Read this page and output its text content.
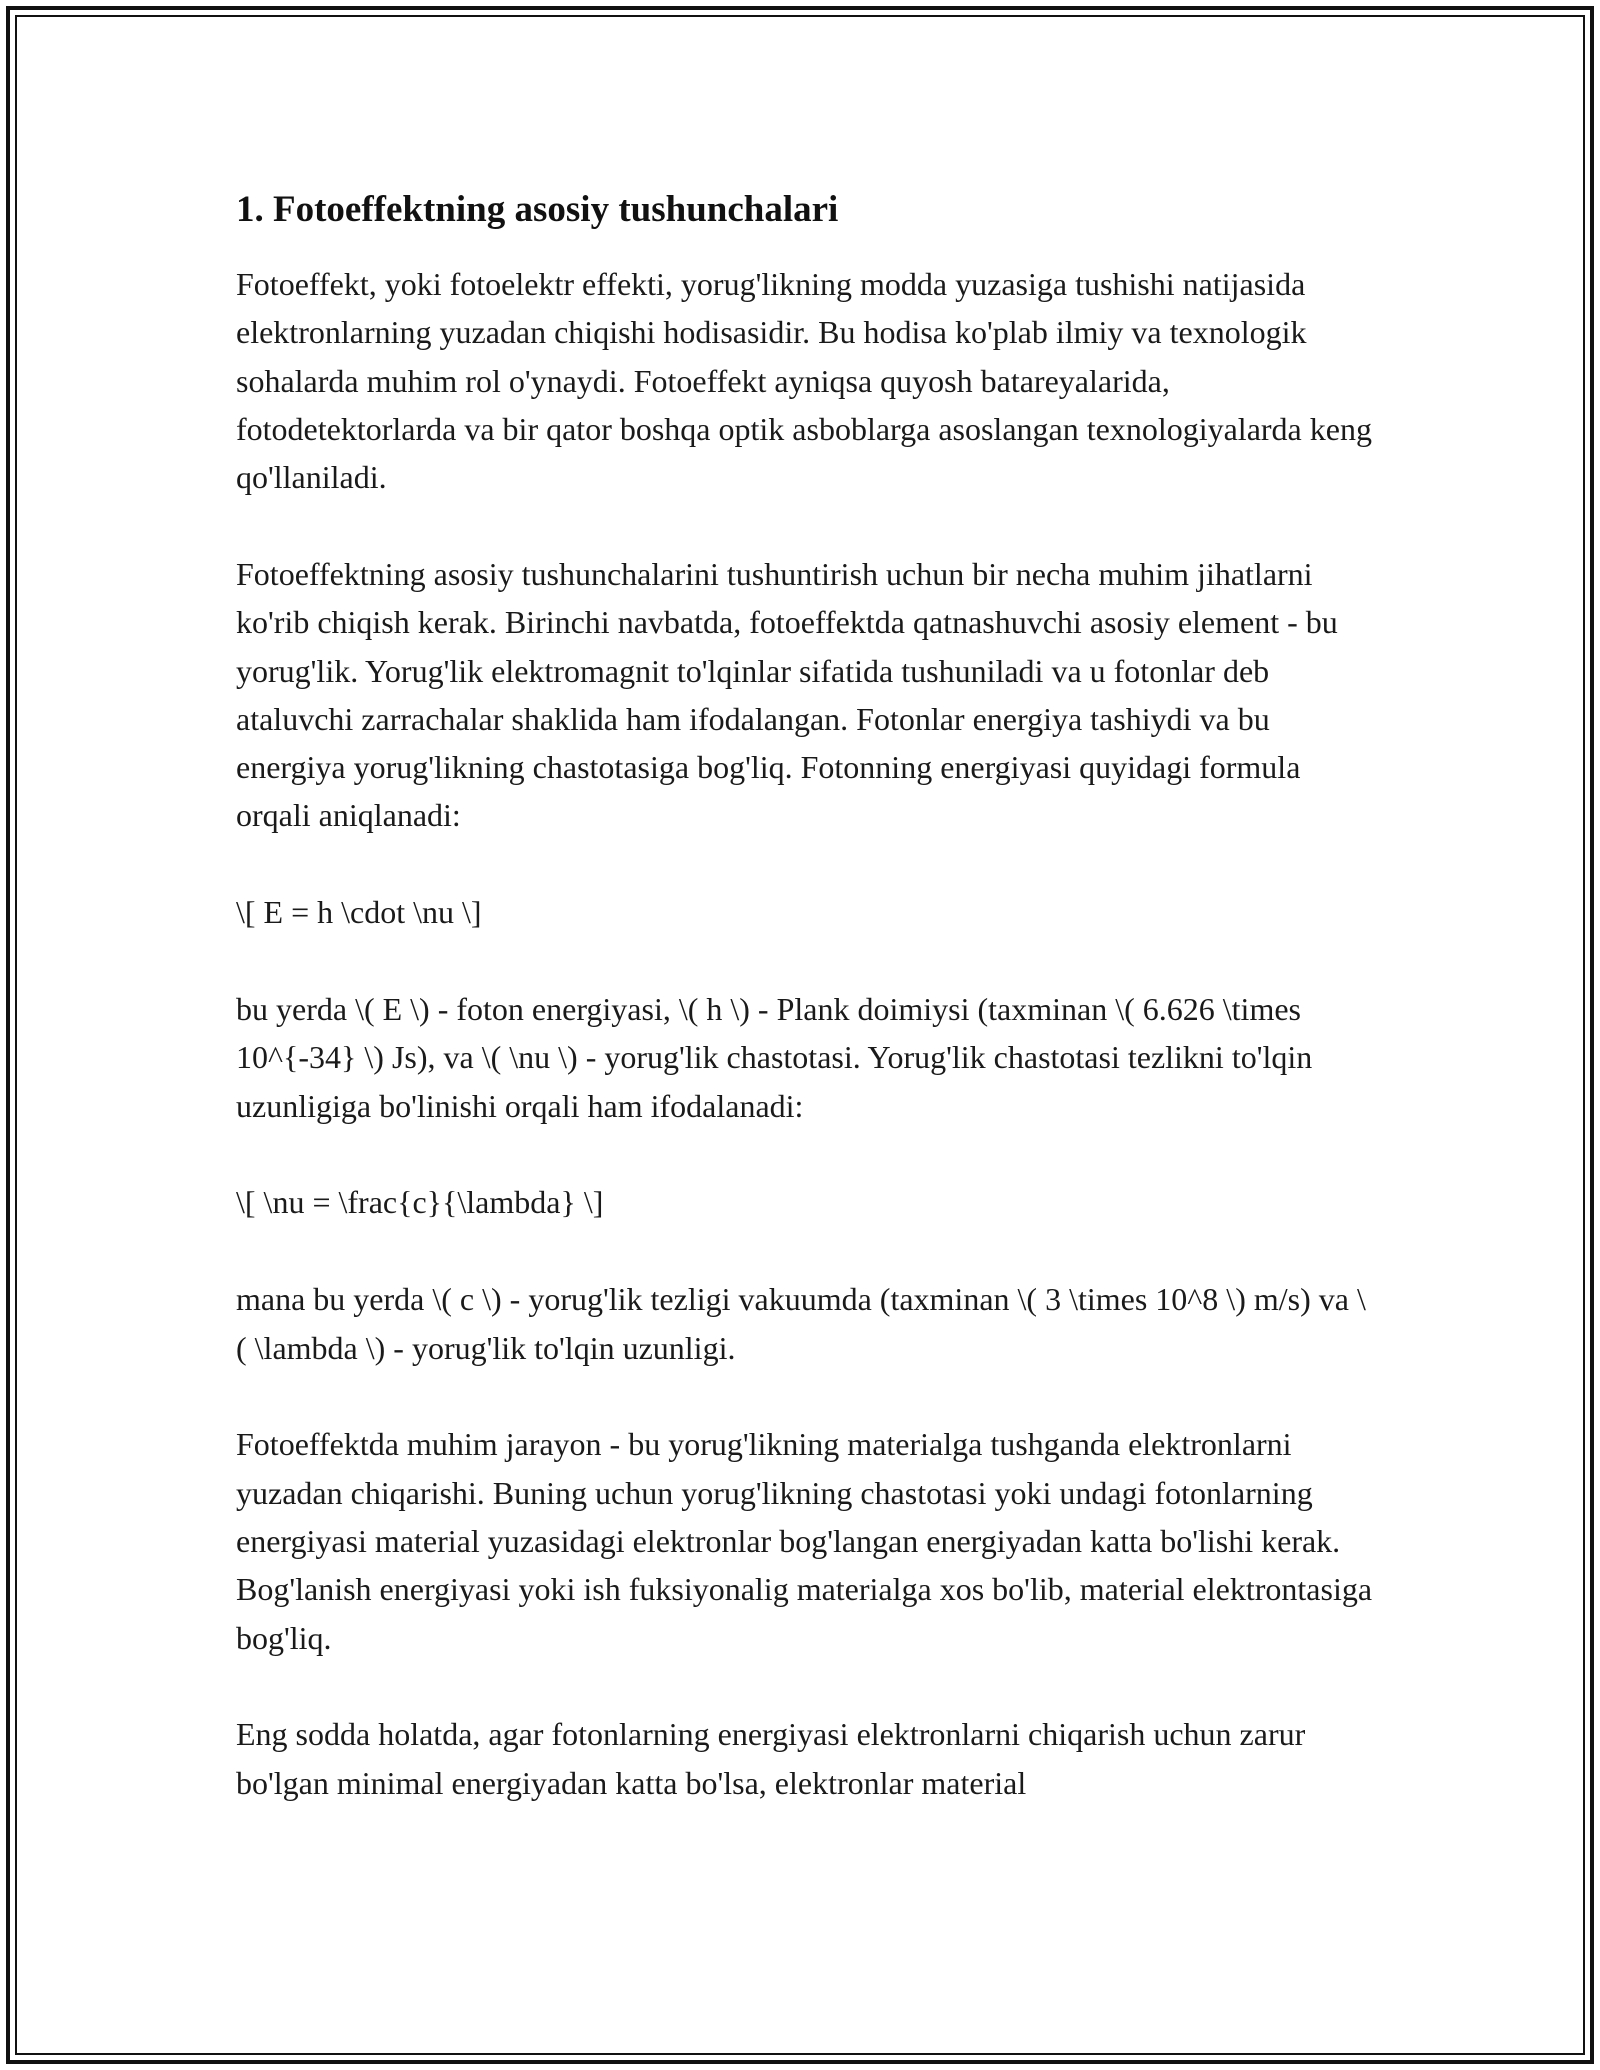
1. Fotoeffektning asosiy tushunchalari

Fotoeffekt, yoki fotoelektr effekti, yorug'likning modda yuzasiga tushishi natijasida elektronlarning yuzadan chiqishi hodisasidir. Bu hodisa ko'plab ilmiy va texnologik sohalarda muhim rol o'ynaydi. Fotoeffekt ayniqsa quyosh batareyalarida, fotodetektorlarda va bir qator boshqa optik asboblarga asoslangan texnologiyalarda keng qo'llaniladi.

Fotoeffektning asosiy tushunchalarini tushuntirish uchun bir necha muhim jihatlarni ko'rib chiqish kerak. Birinchi navbatda, fotoeffektda qatnashuvchi asosiy element - bu yorug'lik. Yorug'lik elektromagnit to'lqinlar sifatida tushuniladi va u fotonlar deb ataluvchi zarrachalar shaklida ham ifodalangan. Fotonlar energiya tashiydi va bu energiya yorug'likning chastotasiga bog'liq. Fotonning energiyasi quyidagi formula orqali aniqlanadi:

\[ E = h \cdot \nu \]

bu yerda \( E \) - foton energiyasi, \( h \) - Plank doimiysi (taxminan \( 6.626 \times 10^{-34} \) Js), va \( \nu \) - yorug'lik chastotasi. Yorug'lik chastotasi tezlikni to'lqin uzunligiga bo'linishi orqali ham ifodalanadi:

\[ \nu = \frac{c}{\lambda} \]

mana bu yerda \( c \) - yorug'lik tezligi vakuumda (taxminan \( 3 \times 10^8 \) m/s) va \( \lambda \) - yorug'lik to'lqin uzunligi.

Fotoeffektda muhim jarayon - bu yorug'likning materialga tushganda elektronlarni yuzadan chiqarishi. Buning uchun yorug'likning chastotasi yoki undagi fotonlarning energiyasi material yuzasidagi elektronlar bog'langan energiyadan katta bo'lishi kerak. Bog'lanish energiyasi yoki ish fuksiyonalig materialga xos bo'lib, material elektrontasiga bog'liq.

Eng sodda holatda, agar fotonlarning energiyasi elektronlarni chiqarish uchun zarur bo'lgan minimal energiyadan katta bo'lsa, elektronlar material
